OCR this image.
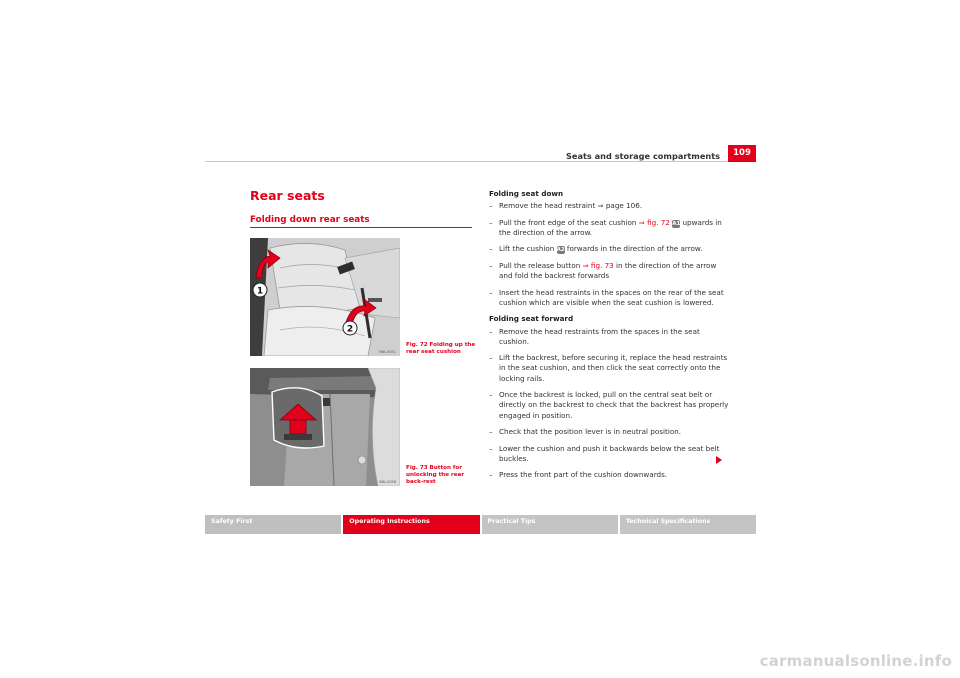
Seats and storage compartments	109
Rear seats
Folding down rear seats
1
2
B6L-0051
Fig. 72 Folding up the rear seat cushion
B6L-0056
Fig. 73 Button for unlocking the rear back-rest
Folding seat down
– Remove the head restraint ⇒ page 106.
– Pull the front edge of the seat cushion ⇒ fig. 72 A1 upwards in the direction of the arrow.
– Lift the cushion A2 forwards in the direction of the arrow.
– Pull the release button ⇒ fig. 73 in the direction of the arrow and fold the backrest forwards
– Insert the head restraints in the spaces on the rear of the seat cushion which are visible when the seat cushion is lowered.
Folding seat forward
– Remove the head restraints from the spaces in the seat cushion.
– Lift the backrest, before securing it, replace the head restraints in the seat cushion, and then click the seat correctly onto the locking rails.
– Once the backrest is locked, pull on the central seat belt or directly on the backrest to check that the backrest has properly engaged in position.
– Check that the position lever is in neutral position.
– Lower the cushion and push it backwards below the seat belt buckles.
– Press the front part of the cushion downwards.
Safety First	Operating Instructions	Practical Tips	Technical Specifications
carmanualsonline.info
